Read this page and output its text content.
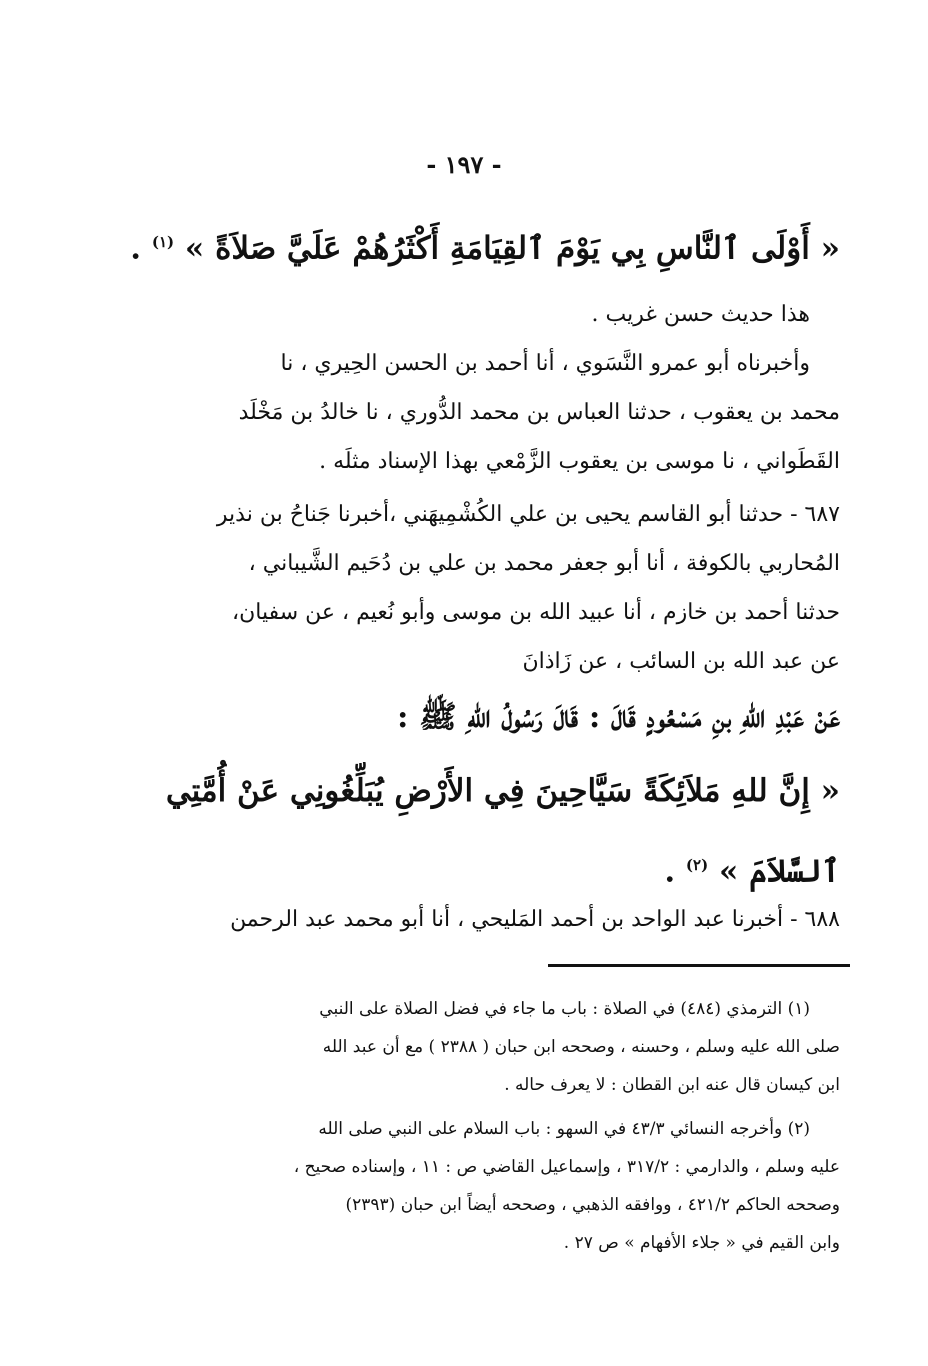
- ١٩٧ -
« أَوْلَى ٱلنَّاسِ بِي يَوْمَ ٱلقِيَامَةِ أَكْثَرُهُمْ عَلَيَّ صَلاَةً » $^{(١)}$ .
هذا حديث حسن غريب .
وأخبرناه أبو عمرو النَّسَوي ، أنا أحمد بن الحسن الحِيري ، نا
محمد بن يعقوب ، حدثنا العباس بن محمد الدُّوري ، نا خالدُ بن مَخْلَد
القَطَواني ، نا موسى بن يعقوب الزَّمْعي بهذا الإسناد مثلَه .
٦٨٧ - حدثنا أبو القاسم يحيى بن علي الكُشْمِيهَني ،أخبرنا جَناحُ بن نذير
المُحاربي بالكوفة ، أنا أبو جعفر محمد بن علي بن دُحَيم الشَّيباني ،
حدثنا أحمد بن خازم ، أنا عبيد الله بن موسى وأبو نُعيم ، عن سفيان،
عن عبد الله بن السائب ، عن زَاذانَ
عَنْ عَبْدِ اللهِ بنِ مَسْعُودٍ قَالَ : قَالَ رَسُولُ اللهِ ﷺ :
« إِنَّ للهِ مَلاَئِكَةً سَيَّاحِينَ فِي الأَرْضِ يُبَلِّغُونِي عَنْ أُمَّتِي
ٱلسَّلاَمَ » $^{(٢)}$ .
٦٨٨ - أخبرنا عبد الواحد بن أحمد المَليحي ، أنا أبو محمد عبد الرحمن
(١) الترمذي (٤٨٤) في الصلاة : باب ما جاء في فضل الصلاة على النبي
صلى الله عليه وسلم ، وحسنه ، وصححه ابن حبان ( ٢٣٨٨ ) مع أن عبد الله
ابن كيسان قال عنه ابن القطان : لا يعرف حاله .
(٢) وأخرجه النسائي ٤٣/٣ في السهو : باب السلام على النبي صلى الله
عليه وسلم ، والدارمي : ٣١٧/٢ ، وإسماعيل القاضي ص : ١١ ، وإسناده صحيح ،
وصححه الحاكم ٤٢١/٢ ، ووافقه الذهبي ، وصححه أيضاً ابن حبان (٢٣٩٣)
وابن القيم في « جلاء الأفهام » ص ٢٧ .
